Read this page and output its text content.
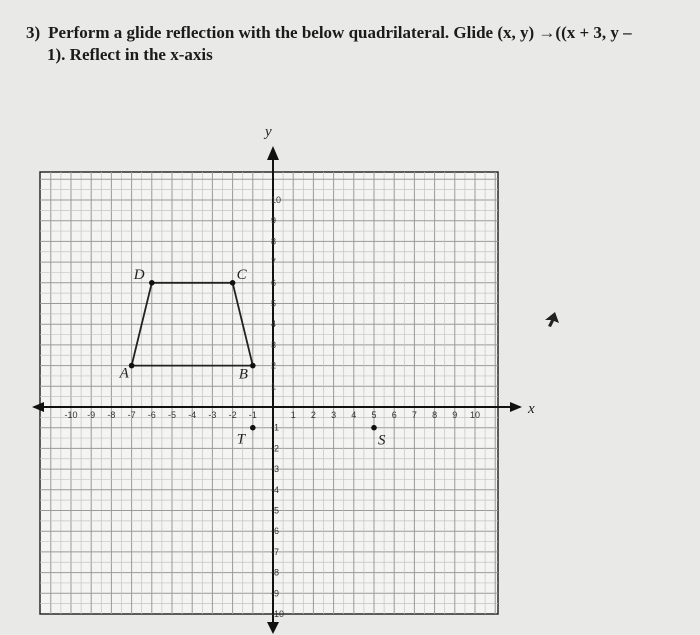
3) Perform a glide reflection with the below quadrilateral. Glide (x, y) →((x + 3, y –
1). Reflect in the x-axis
y
x
-10 -9 -8 -7 -6 -5 -4 -3 -2 -1	1 2 3 4 5 6 7 8 9 10
10
9
8
7
6
5
4
3
2
1
-1
-2
-3
-4
-5
-6
-7
-8
-9
-10
A	B
C
D
T	S
